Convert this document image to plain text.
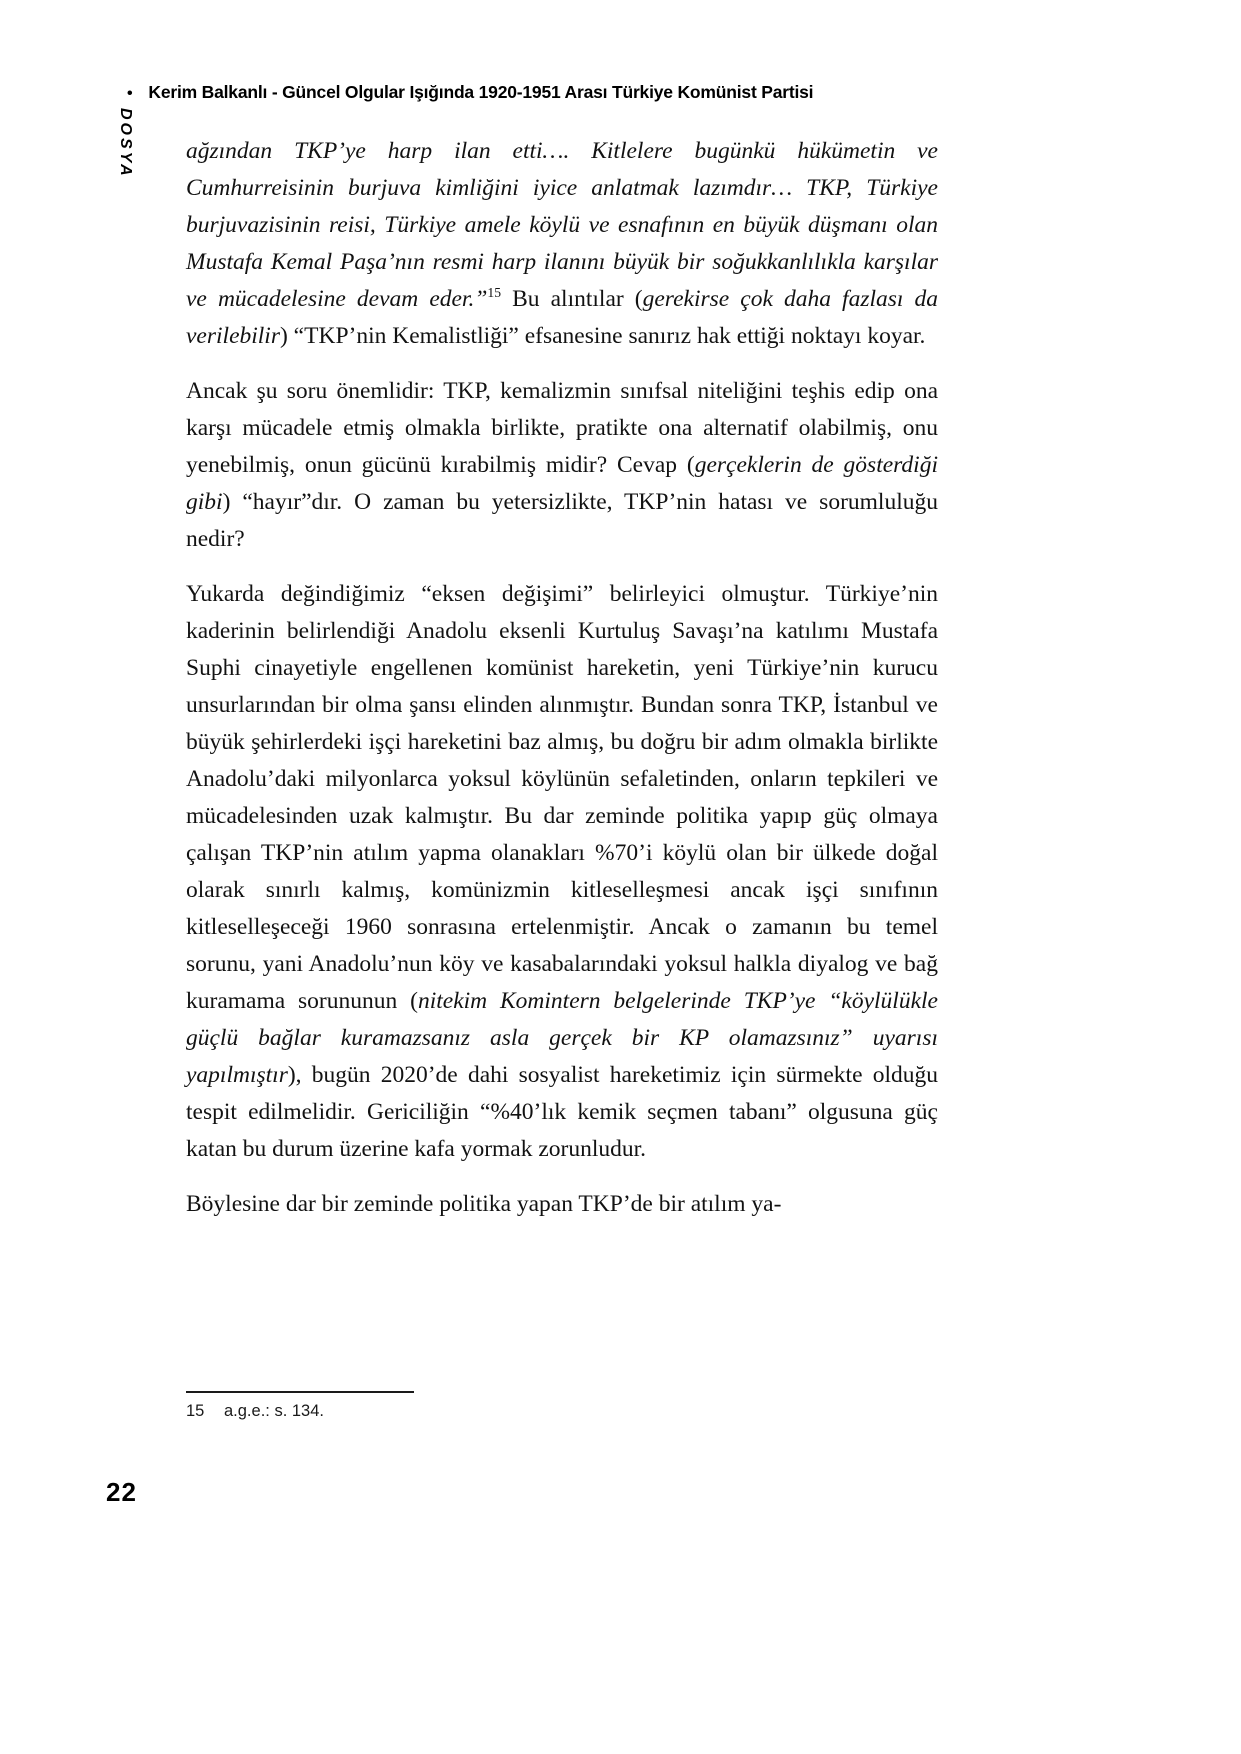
• Kerim Balkanlı - Güncel Olgular Işığında 1920-1951 Arası Türkiye Komünist Partisi
DOSYA ağzından TKP’ye harp ilan etti…. Kitlelere bugünkü hükümetin ve Cumhurreisinin burjuva kimliğini iyice anlatmak lazımdır… TKP, Türkiye burjuvazisinin reisi, Türkiye amele köylü ve esnafının en büyük düşmanı olan Mustafa Kemal Paşa’nın resmi harp ilanını büyük bir soğukkanlılıkla karşılar ve mücadelesine devam eder.”$^{15}$ Bu alıntılar (gerekirse çok daha fazlası da verilebilir) “TKP’nin Kemalistliği” efsanesine sanırız hak ettiği noktayı koyar.

Ancak şu soru önemlidir: TKP, kemalizmin sınıfsal niteliğini teşhis edip ona karşı mücadele etmiş olmakla birlikte, pratikte ona alternatif olabilmiş, onu yenebilmiş, onun gücünü kırabilmiş midir? Cevap (gerçeklerin de gösterdiği gibi) “hayır”dır. O zaman bu yetersizlikte, TKP’nin hatası ve sorumluluğu nedir?

Yukarda değindiğimiz “eksen değişimi” belirleyici olmuştur. Türkiye’nin kaderinin belirlendiği Anadolu eksenli Kurtuluş Savaşı’na katılımı Mustafa Suphi cinayetiyle engellenen komünist hareketin, yeni Türkiye’nin kurucu unsurlarından bir olma şansı elinden alınmıştır. Bundan sonra TKP, İstanbul ve büyük şehirlerdeki işçi hareketini baz almış, bu doğru bir adım olmakla birlikte Anadolu’daki milyonlarca yoksul köylünün sefaletinden, onların tepkileri ve mücadelesinden uzak kalmıştır. Bu dar zeminde politika yapıp güç olmaya çalışan TKP’nin atılım yapma olanakları %70’i köylü olan bir ülkede doğal olarak sınırlı kalmış, komünizmin kitleselleşmesi ancak işçi sınıfının kitleselleşeceği 1960 sonrasına ertelenmiştir. Ancak o zamanın bu temel sorunu, yani Anadolu’nun köy ve kasabalarındaki yoksul halkla diyalog ve bağ kuramama sorununun (nitekim Komintern belgelerinde TKP’ye “köylülükle güçlü bağlar kuramazsanız asla gerçek bir KP olamazsınız” uyarısı yapılmıştır), bugün 2020’de dahi sosyalist hareketimiz için sürmekte olduğu tespit edilmelidir. Gericiliğin “%40’lık kemik seçmen tabanı” olgusuna güç katan bu durum üzerine kafa yormak zorunludur.

Böylesine dar bir zeminde politika yapan TKP’de bir atılım ya-

15 a.g.e.: s. 134.
22
